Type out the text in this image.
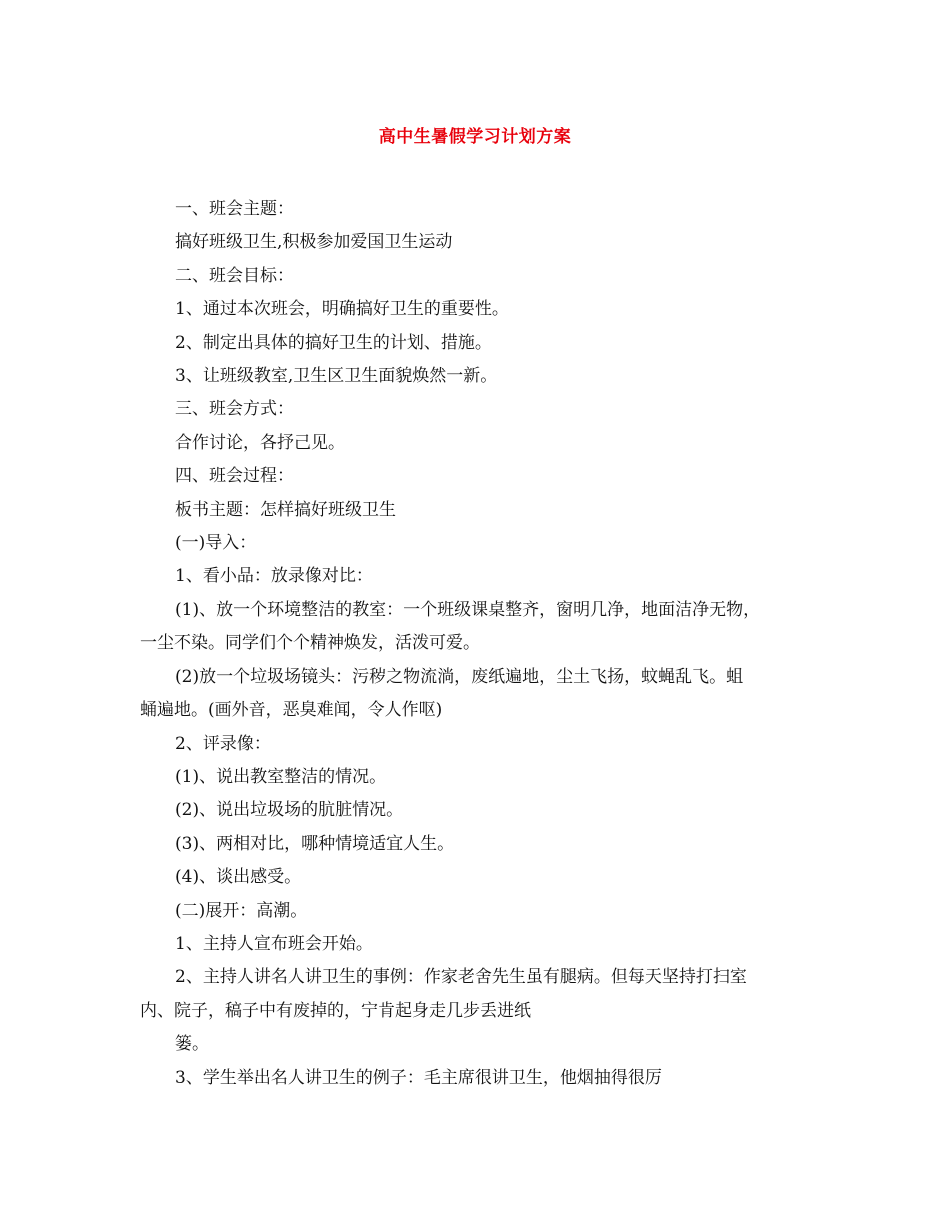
高中生暑假学习计划方案

一、班会主题：

搞好班级卫生,积极参加爱国卫生运动

二、班会目标：

1、通过本次班会，明确搞好卫生的重要性。

2、制定出具体的搞好卫生的计划、措施。

3、让班级教室,卫生区卫生面貌焕然一新。

三、班会方式：

合作讨论，各抒己见。

四、班会过程：

板书主题：怎样搞好班级卫生

(一)导入：

1、看小品：放录像对比：

(1)、放一个环境整洁的教室：一个班级课桌整齐，窗明几净，地面洁净无物，

一尘不染。同学们个个精神焕发，活泼可爱。

(2)放一个垃圾场镜头：污秽之物流淌，废纸遍地，尘土飞扬，蚊蝇乱飞。蛆

蛹遍地。(画外音，恶臭难闻，令人作呕)

2、评录像：

(1)、说出教室整洁的情况。

(2)、说出垃圾场的肮脏情况。

(3)、两相对比，哪种情境适宜人生。

(4)、谈出感受。

(二)展开：高潮。

1、主持人宣布班会开始。

2、主持人讲名人讲卫生的事例：作家老舍先生虽有腿病。但每天坚持打扫室

内、院子，稿子中有废掉的，宁肯起身走几步丢进纸

篓。

3、学生举出名人讲卫生的例子：毛主席很讲卫生，他烟抽得很厉
